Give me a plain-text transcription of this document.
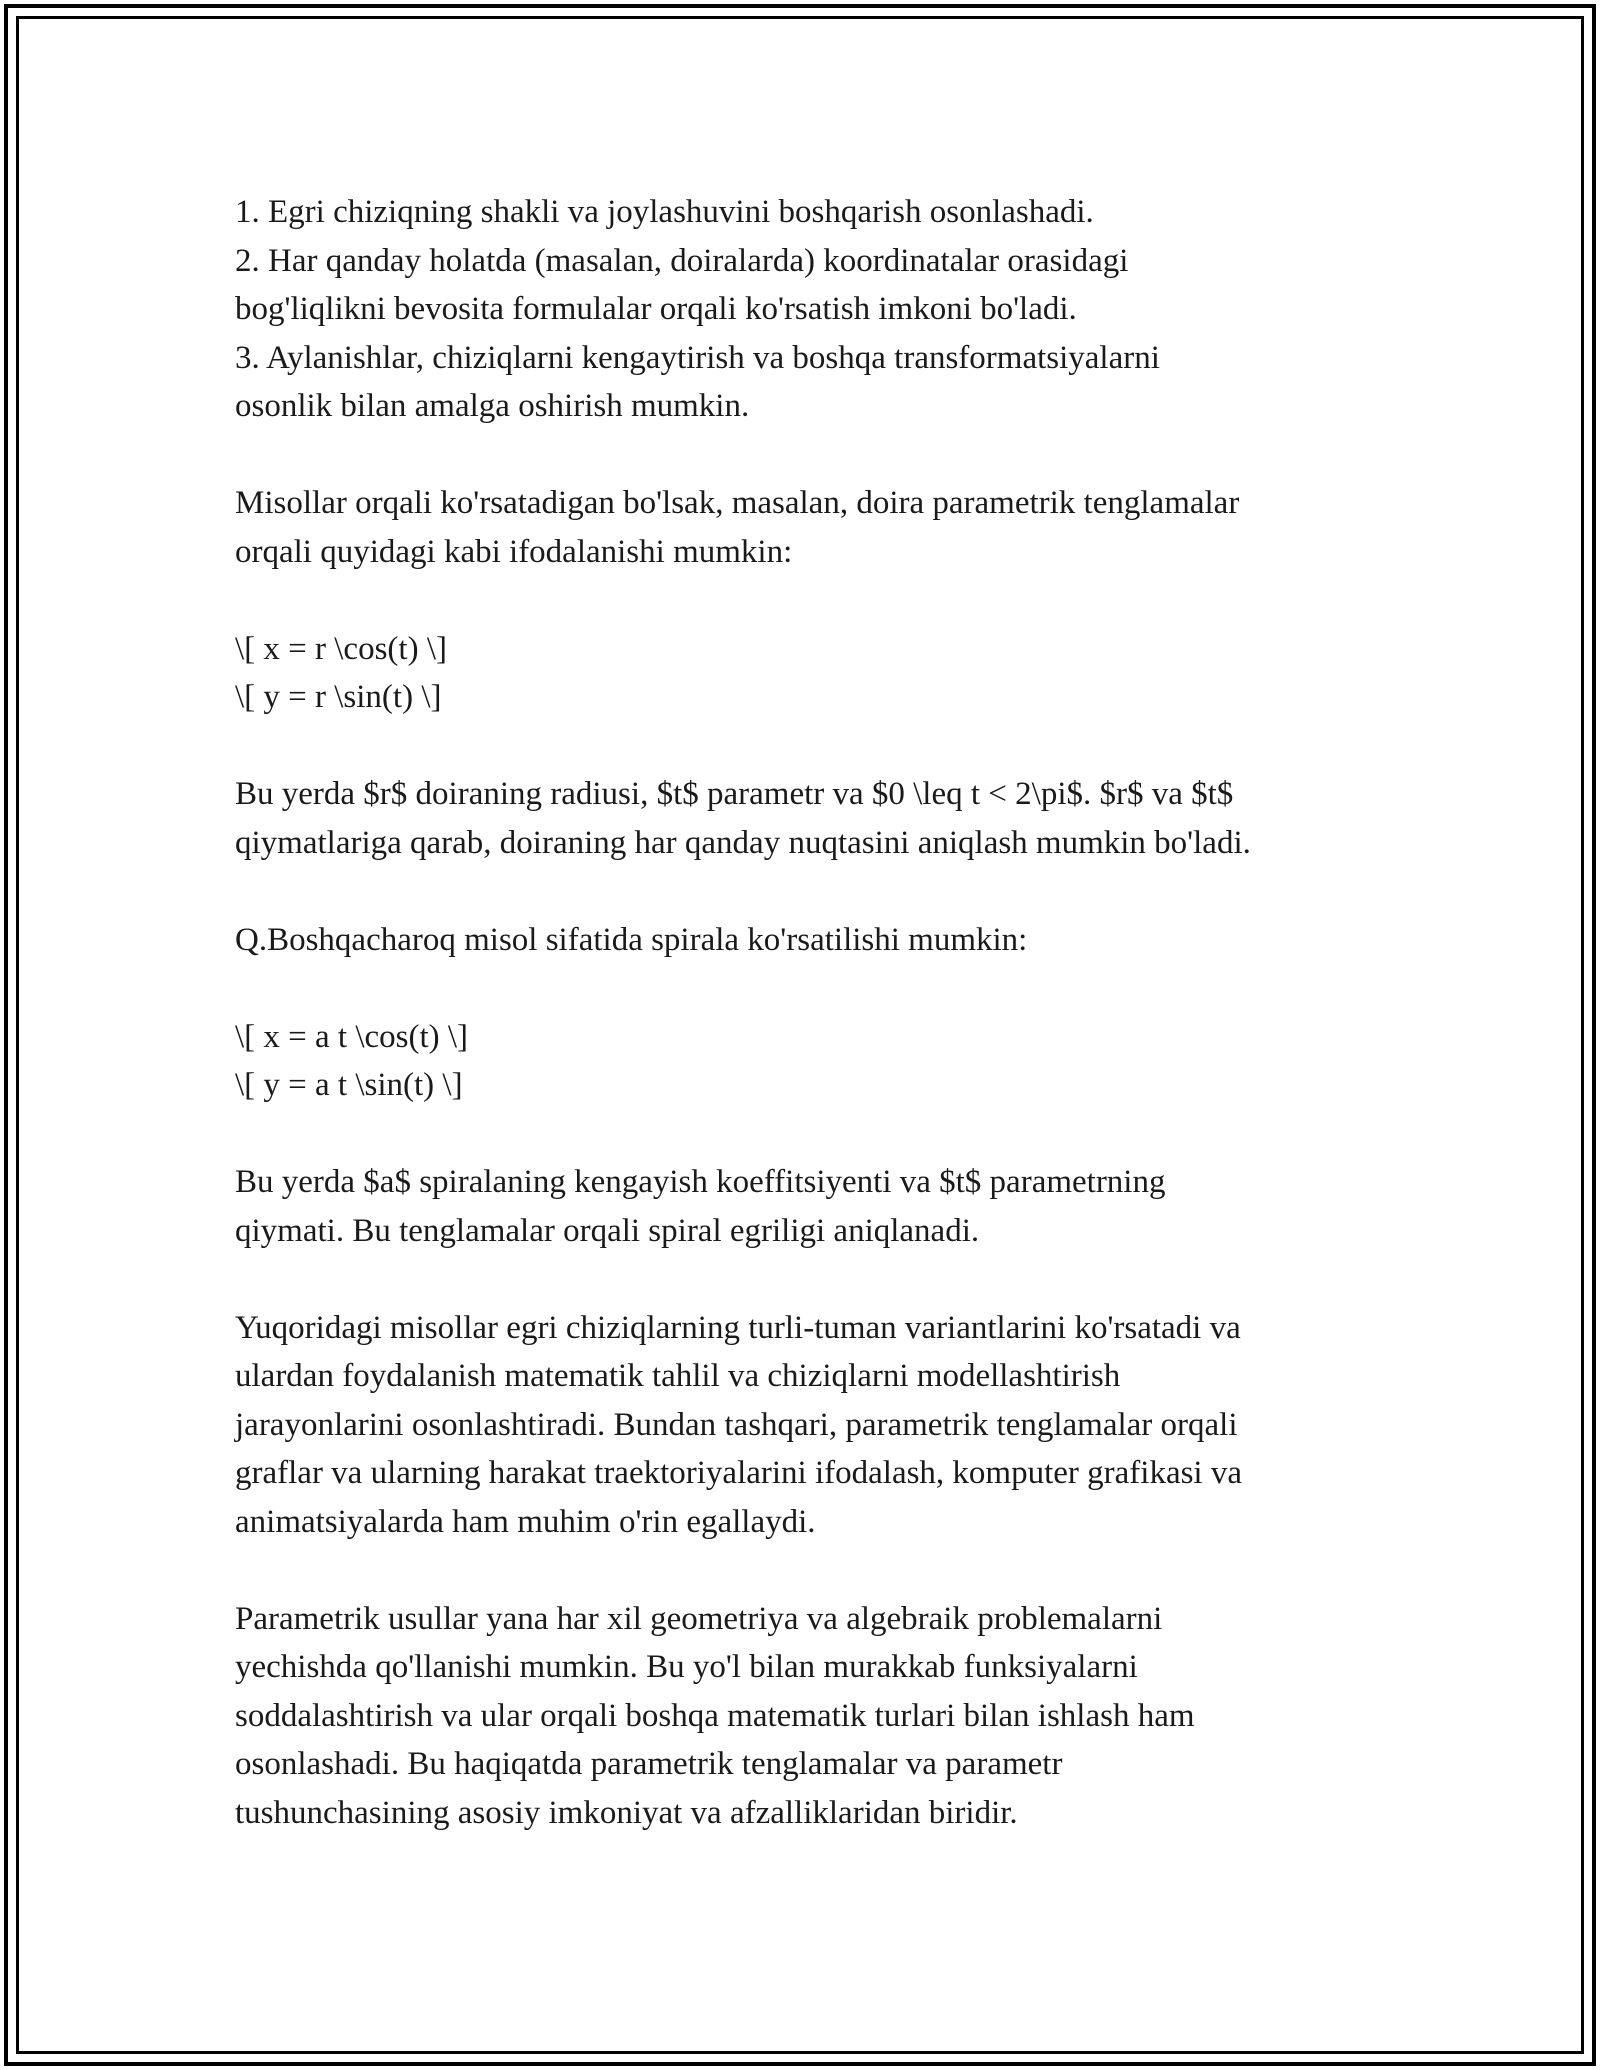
1. Egri chiziqning shakli va joylashuvini boshqarish osonlashadi.
2. Har qanday holatda (masalan, doiralarda) koordinatalar orasidagi
bog'liqlikni bevosita formulalar orqali ko'rsatish imkoni bo'ladi.
3. Aylanishlar, chiziqlarni kengaytirish va boshqa transformatsiyalarni
osonlik bilan amalga oshirish mumkin.
Misollar orqali ko'rsatadigan bo'lsak, masalan, doira parametrik tenglamalar
orqali quyidagi kabi ifodalanishi mumkin:
\[ x = r \cos(t) \]
\[ y = r \sin(t) \]
Bu yerda $r$ doiraning radiusi, $t$ parametr va $0 \leq t < 2\pi$. $r$ va $t$
qiymatlariga qarab, doiraning har qanday nuqtasini aniqlash mumkin bo'ladi.
Q.Boshqacharoq misol sifatida spirala ko'rsatilishi mumkin:
\[ x = a t \cos(t) \]
\[ y = a t \sin(t) \]
Bu yerda $a$ spiralaning kengayish koeffitsiyenti va $t$ parametrning
qiymati. Bu tenglamalar orqali spiral egriligi aniqlanadi.
Yuqoridagi misollar egri chiziqlarning turli-tuman variantlarini ko'rsatadi va
ulardan foydalanish matematik tahlil va chiziqlarni modellashtirish
jarayonlarini osonlashtiradi. Bundan tashqari, parametrik tenglamalar orqali
graflar va ularning harakat traektoriyalarini ifodalash, komputer grafikasi va
animatsiyalarda ham muhim o'rin egallaydi.
Parametrik usullar yana har xil geometriya va algebraik problemalarni
yechishda qo'llanishi mumkin. Bu yo'l bilan murakkab funksiyalarni
soddalashtirish va ular orqali boshqa matematik turlari bilan ishlash ham
osonlashadi. Bu haqiqatda parametrik tenglamalar va parametr
tushunchasining asosiy imkoniyat va afzalliklaridan biridir.
